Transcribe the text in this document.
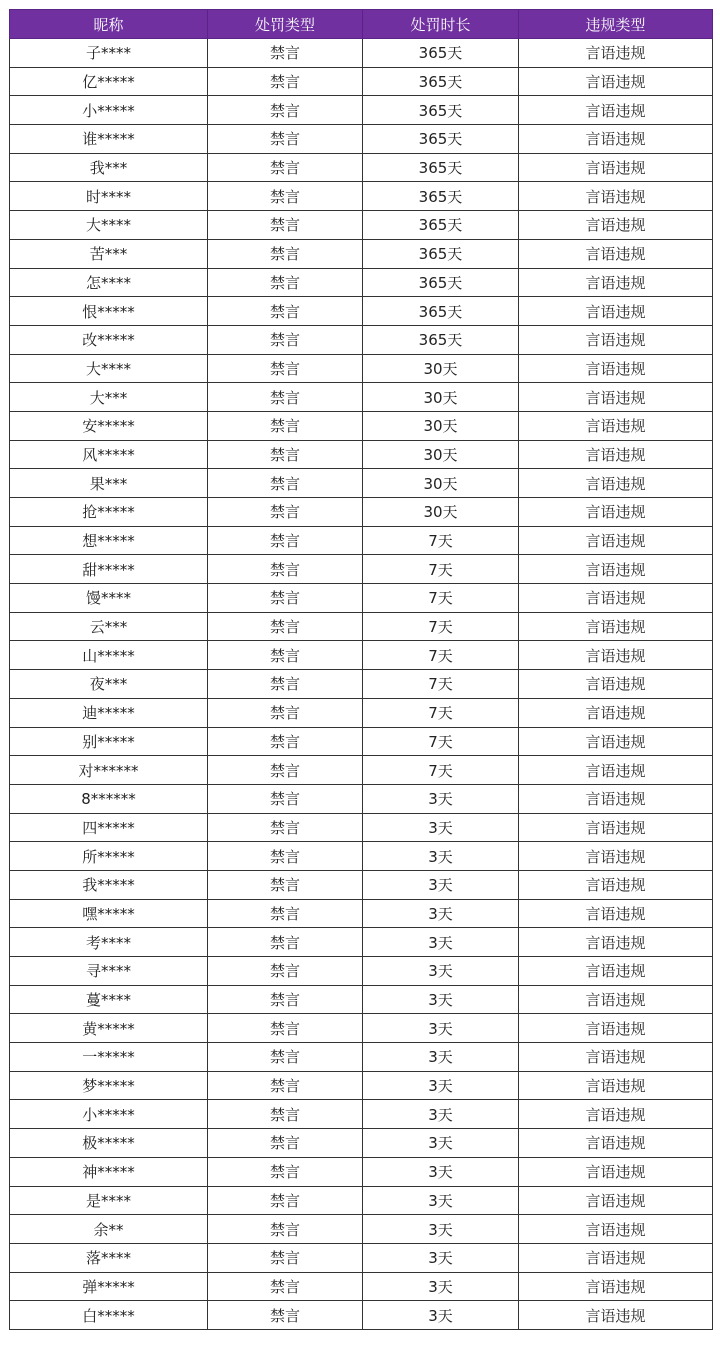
昵称	处罚类型	处罚时长	违规类型
子****	禁言	365天	言语违规
亿*****	禁言	365天	言语违规
小*****	禁言	365天	言语违规
谁*****	禁言	365天	言语违规
我***	禁言	365天	言语违规
时****	禁言	365天	言语违规
大****	禁言	365天	言语违规
苦***	禁言	365天	言语违规
怎****	禁言	365天	言语违规
恨*****	禁言	365天	言语违规
改*****	禁言	365天	言语违规
大****	禁言	30天	言语违规
大***	禁言	30天	言语违规
安*****	禁言	30天	言语违规
风*****	禁言	30天	言语违规
果***	禁言	30天	言语违规
抢*****	禁言	30天	言语违规
想*****	禁言	7天	言语违规
甜*****	禁言	7天	言语违规
馒****	禁言	7天	言语违规
云***	禁言	7天	言语违规
山*****	禁言	7天	言语违规
夜***	禁言	7天	言语违规
迪*****	禁言	7天	言语违规
别*****	禁言	7天	言语违规
对******	禁言	7天	言语违规
8******	禁言	3天	言语违规
四*****	禁言	3天	言语违规
所*****	禁言	3天	言语违规
我*****	禁言	3天	言语违规
嘿*****	禁言	3天	言语违规
考****	禁言	3天	言语违规
寻****	禁言	3天	言语违规
蔓****	禁言	3天	言语违规
黄*****	禁言	3天	言语违规
一*****	禁言	3天	言语违规
梦*****	禁言	3天	言语违规
小*****	禁言	3天	言语违规
极*****	禁言	3天	言语违规
神*****	禁言	3天	言语违规
是****	禁言	3天	言语违规
余**	禁言	3天	言语违规
落****	禁言	3天	言语违规
弹*****	禁言	3天	言语违规
白*****	禁言	3天	言语违规
